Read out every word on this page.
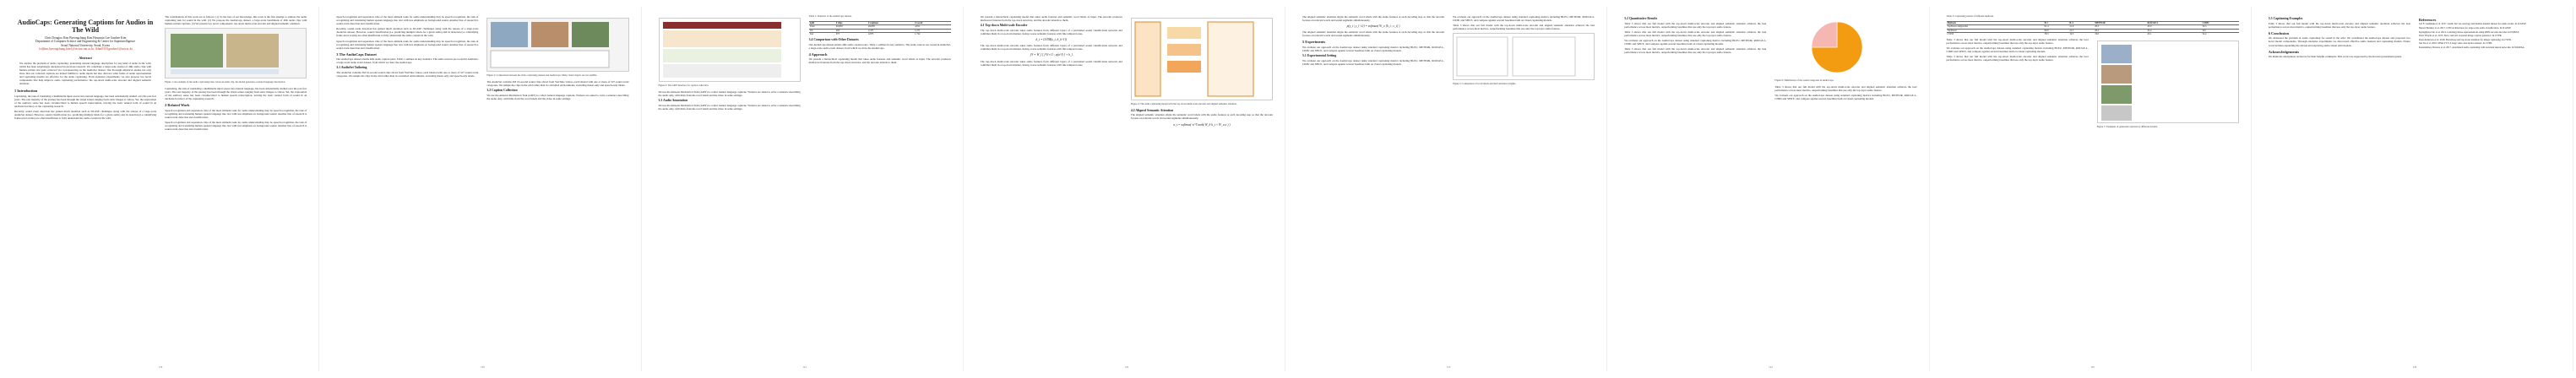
AudioCaps: Generating Captions for Audios in The Wild
Chris Dongjoo Kim Byeongchang Kim Hyunmin Lee Gunhee Kim
Department of Computer Science and Engineering & Center for Superintelligence
Seoul National University, Seoul, Korea
{cdjkim,byeongchang.kim}@vision.snu.ac.kr {khm0318,gunhee}@snu.ac.kr
Abstract
We explore the problem of audio captioning: generating natural language description for any kind of audio in the wild, which has been surprisingly unexplored in previous research. We contribute a large-scale dataset of 46K audio clips with human-written text pairs collected via crowdsourcing on the AudioSet dataset. Our thorough empirical studies not only show that our collected captions are indeed faithful to audio inputs but also discover what forms of audio representation and captioning models are effective for the audio captioning. From extensive experiments, we also propose two novel components that help improve audio captioning performance: the top-down multi-scale encoder and aligned semantic attention.
1 Introduction
Captioning, the task of translating a multimedia input source into natural language, has been substantially studied over the past few years. The vast majority of the journey has been through the visual senses ranging from static images to videos. Yet, the exploration of the auditory sense has been circumscribed to human speech transcription, leaving the basic natural form of sound in an uncharted territory of the captioning research.
Recently, sound event detection has gained much attention such as DCASE challenges along with the release of a large-scale AudioSet dataset. However, sound classification (i.e. predicting multiple labels for a given audio) and its detection (i.e. identifying frame-level events) are often insufficient to fully understand the audio content in the wild.
The contributions of this work are as follows: (1) To the best of our knowledge, this work is the first attempt to address the audio captioning task for sound in the wild. (2) We propose the AudioCaps dataset, a large-scale benchmark of 46K audio clips with human-written captions. (3) We present two novel components: top-down multi-scale encoder and aligned semantic attention.
Figure 1: An example of the audio captioning task. Given an audio clip, the model generates a natural language description.
Captioning, the task of translating a multimedia input source into natural language, has been substantially studied over the past few years. The vast majority of the journey has been through the visual senses ranging from static images to videos. Yet, the exploration of the auditory sense has been circumscribed to human speech transcription, leaving the basic natural form of sound in an uncharted territory of the captioning research.
2 Related Work
Speech recognition and separation. One of the most eminent tasks for audio understanding may be speech recognition, the task of recognizing and translating human spoken language into text with less emphasis on background sound. Another line of research is sound event detection and classification.
Speech recognition and separation. One of the most eminent tasks for audio understanding may be speech recognition, the task of recognizing and translating human spoken language into text with less emphasis on background sound. Another line of research is sound event detection and classification.
119
Speech recognition and separation. One of the most eminent tasks for audio understanding may be speech recognition, the task of recognizing and translating human spoken language into text with less emphasis on background sound. Another line of research is sound event detection and classification.
Recently, sound event detection has gained much attention such as DCASE challenges along with the release of a large-scale AudioSet dataset. However, sound classification (i.e. predicting multiple labels for a given audio) and its detection (i.e. identifying frame-level events) are often insufficient to fully understand the audio content in the wild.
Speech recognition and separation. One of the most eminent tasks for audio understanding may be speech recognition, the task of recognizing and translating human spoken language into text with less emphasis on background sound. Another line of research is sound event detection and classification.
3 The AudioCaps Dataset
Our AudioCaps dataset entails 46K audio caption pairs. Table 1 outlines its key statistics. The audio sources are rooted in AudioSet, a large-scale audio event dataset, from which we draw the AudioCaps.
3.1 AudioSet Tailoring
The AudioSet contains 2M 10-second sound clips sliced from YouTube videos, each labeled with one or more of 527 sound event categories. We sample the clips in the wild rather than in controlled environments, excluding music-only and speech-only labels.	Figure 2: Comparison between the video captioning dataset and AudioCaps. Many visual objects are not audible.
The AudioSet contains 2M 10-second sound clips sliced from YouTube videos, each labeled with one or more of 527 sound event categories. We sample the clips in the wild rather than in controlled environments, excluding music-only and speech-only labels.
3.2 Caption Collection
We use the Amazon Mechanical Turk (AMT) to collect natural language captions. Workers are asked to write a sentence describing the audio only, with hints from the word labels and the video in some settings.
120
Figure 3: The AMT interface for caption collection.
We use the Amazon Mechanical Turk (AMT) to collect natural language captions. Workers are asked to write a sentence describing the audio only, with hints from the word labels and the video in some settings.
3.3 Audio Annotation
We use the Amazon Mechanical Turk (AMT) to collect natural language captions. Workers are asked to write a sentence describing the audio only, with hints from the word labels and the video in some settings.
Table 1: Statistics of the AudioCaps dataset.
Split	# clips	# captions	# vocab
Train	49,838	49,838	4,811
Val	495	2,475	1,271
Test	975	4,875	1,742
3.4 Comparison with Other Datasets
Our AudioCaps dataset entails 46K audio caption pairs. Table 1 outlines its key statistics. The audio sources are rooted in AudioSet, a large-scale audio event dataset, from which we draw the AudioCaps.
4 Approach
We present a hierarchical captioning model that takes audio features and semantic word labels as input. The encoder produces multi-level features from the top-down structure, and the decoder attends to them.
121
We present a hierarchical captioning model that takes audio features and semantic word labels as input. The encoder produces multi-level features from the top-down structure, and the decoder attends to them.
4.1 Top-down Multi-scale Encoder
The top-down multi-scale encoder takes audio features from different layers of a pretrained sound classification network and combines them in a top-down manner, fusing coarse semantic features with fine temporal ones.
h_t = LSTM(x_t, h_{t-1})
The top-down multi-scale encoder takes audio features from different layers of a pretrained sound classification network and combines them in a top-down manner, fusing coarse semantic features with fine temporal ones.
f^l = W_l [ f^{l+1} ; φ(a^l) ] + b_l
The top-down multi-scale encoder takes audio features from different layers of a pretrained sound classification network and combines them in a top-down manner, fusing coarse semantic features with fine temporal ones.
Figure 4: The audio captioning model with the top-down multi-scale encoder and aligned semantic attention.
4.2 Aligned Semantic Attention
The aligned semantic attention aligns the semantic word labels with the audio features at each decoding step so that the decoder focuses on relevant words and sound segments simultaneously.
α_t = softmax( w^T tanh( W_h h_t + W_a a ) )
122
The aligned semantic attention aligns the semantic word labels with the audio features at each decoding step so that the decoder focuses on relevant words and sound segments simultaneously.
p(y_t | y_{<t}) = softmax( W_o [h_t ; c_t] )
The aligned semantic attention aligns the semantic word labels with the audio features at each decoding step so that the decoder focuses on relevant words and sound segments simultaneously.
5 Experiments
We evaluate our approach on the AudioCaps dataset using standard captioning metrics including BLEU, METEOR, ROUGE-L, CIDEr and SPICE, and compare against several baselines built on visual captioning models.
5.1 Experimental Setting
We evaluate our approach on the AudioCaps dataset using standard captioning metrics including BLEU, METEOR, ROUGE-L, CIDEr and SPICE, and compare against several baselines built on visual captioning models.
We evaluate our approach on the AudioCaps dataset using standard captioning metrics including BLEU, METEOR, ROUGE-L, CIDEr and SPICE, and compare against several baselines built on visual captioning models.
Table 3 shows that our full model with the top-down multi-scale encoder and aligned semantic attention achieves the best performance across most metrics, outperforming baselines that use only the top-layer audio feature.
Figure 5: Comparison of word labels and their attention weights.
123
5.2 Quantitative Results
Table 3 shows that our full model with the top-down multi-scale encoder and aligned semantic attention achieves the best performance across most metrics, outperforming baselines that use only the top-layer audio feature.
Table 3 shows that our full model with the top-down multi-scale encoder and aligned semantic attention achieves the best performance across most metrics, outperforming baselines that use only the top-layer audio feature.
We evaluate our approach on the AudioCaps dataset using standard captioning metrics including BLEU, METEOR, ROUGE-L, CIDEr and SPICE, and compare against several baselines built on visual captioning models.
Table 3 shows that our full model with the top-down multi-scale encoder and aligned semantic attention achieves the best performance across most metrics, outperforming baselines that use only the top-layer audio feature.
Figure 6: Distribution of the sound categories in AudioCaps.
Table 3 shows that our full model with the top-down multi-scale encoder and aligned semantic attention achieves the best performance across most metrics, outperforming baselines that use only the top-layer audio feature.
We evaluate our approach on the AudioCaps dataset using standard captioning metrics including BLEU, METEOR, ROUGE-L, CIDEr and SPICE, and compare against several baselines built on visual captioning models.
124
Table 3: Captioning results of different methods.
Methods	B-1	B-4	METEOR	ROUGE-L	CIDEr
TopDown-AlignedAtt	61.4	21.9	20.3	45.0	59.3
TopDown	60.9	21.5	20.2	45.4	59.1
LSTM	58.3	19.5	19.0	43.1	52.4
Table 3 shows that our full model with the top-down multi-scale encoder and aligned semantic attention achieves the best performance across most metrics, outperforming baselines that use only the top-layer audio feature.
We evaluate our approach on the AudioCaps dataset using standard captioning metrics including BLEU, METEOR, ROUGE-L, CIDEr and SPICE, and compare against several baselines built on visual captioning models.
Table 3 shows that our full model with the top-down multi-scale encoder and aligned semantic attention achieves the best performance across most metrics, outperforming baselines that use only the top-layer audio feature.
Figure 7: Examples of generated captions by different models.
125
5.3 Captioning Examples
Table 3 shows that our full model with the top-down multi-scale encoder and aligned semantic attention achieves the best performance across most metrics, outperforming baselines that use only the top-layer audio feature.
6 Conclusion
We addressed the problem of audio captioning for sound in the wild. We contributed the AudioCaps dataset and proposed two novel model components. Through extensive experiments we discovered effective audio features and captioning models. Future work includes expanding the dataset and exploring audio-visual joint models.
Acknowledgements
We thank the anonymous reviewers for their helpful comments. This work was supported by the Korean government grants.
References
Jort F. Gemmeke et al. 2017. Audio Set: An ontology and human-labeled dataset for audio events. In ICASSP.
Shawn Hershey et al. 2017. CNN architectures for large-scale audio classification. In ICASSP.
Kyunghyun Cho et al. 2014. Learning phrase representations using RNN encoder-decoder. In EMNLP.
Oriol Vinyals et al. 2015. Show and tell: A neural image caption generator. In CVPR.
Peter Anderson et al. 2018. Bottom-up and top-down attention for image captioning. In CVPR.
Jun Xu et al. 2016. MSR-VTT: A large video description dataset. In CVPR.
Konstantinos Drossos et al. 2017. Automated audio captioning with recurrent neural networks. In WASPAA.
126
